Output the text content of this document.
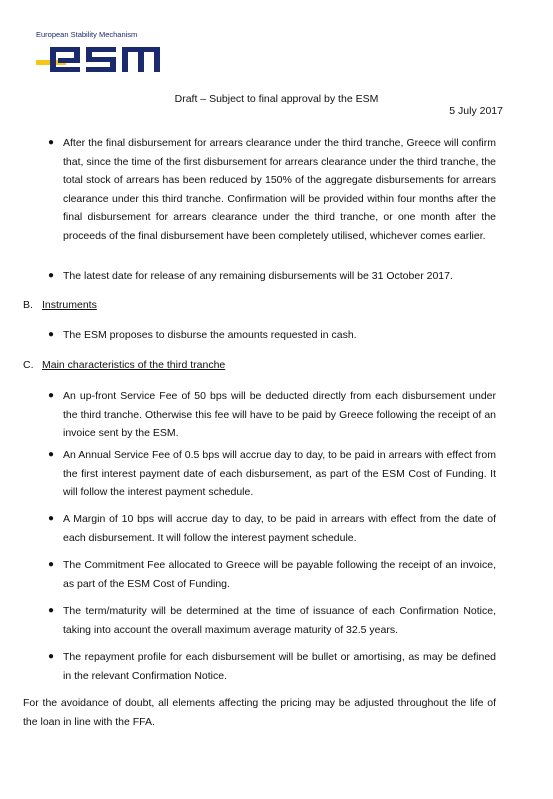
European Stability Mechanism
Draft – Subject to final approval by the ESM
5 July 2017
● After the final disbursement for arrears clearance under the third tranche, Greece will confirm that, since the time of the first disbursement for arrears clearance under the third tranche, the total stock of arrears has been reduced by 150% of the aggregate disbursements for arrears clearance under this third tranche. Confirmation will be provided within four months after the final disbursement for arrears clearance under the third tranche, or one month after the proceeds of the final disbursement have been completely utilised, whichever comes earlier.
● The latest date for release of any remaining disbursements will be 31 October 2017.
B. Instruments
● The ESM proposes to disburse the amounts requested in cash.
C. Main characteristics of the third tranche
● An up-front Service Fee of 50 bps will be deducted directly from each disbursement under the third tranche. Otherwise this fee will have to be paid by Greece following the receipt of an invoice sent by the ESM.
● An Annual Service Fee of 0.5 bps will accrue day to day, to be paid in arrears with effect from the first interest payment date of each disbursement, as part of the ESM Cost of Funding. It will follow the interest payment schedule.
● A Margin of 10 bps will accrue day to day, to be paid in arrears with effect from the date of each disbursement. It will follow the interest payment schedule.
● The Commitment Fee allocated to Greece will be payable following the receipt of an invoice, as part of the ESM Cost of Funding.
● The term/maturity will be determined at the time of issuance of each Confirmation Notice, taking into account the overall maximum average maturity of 32.5 years.
● The repayment profile for each disbursement will be bullet or amortising, as may be defined in the relevant Confirmation Notice.
For the avoidance of doubt, all elements affecting the pricing may be adjusted throughout the life of the loan in line with the FFA.
